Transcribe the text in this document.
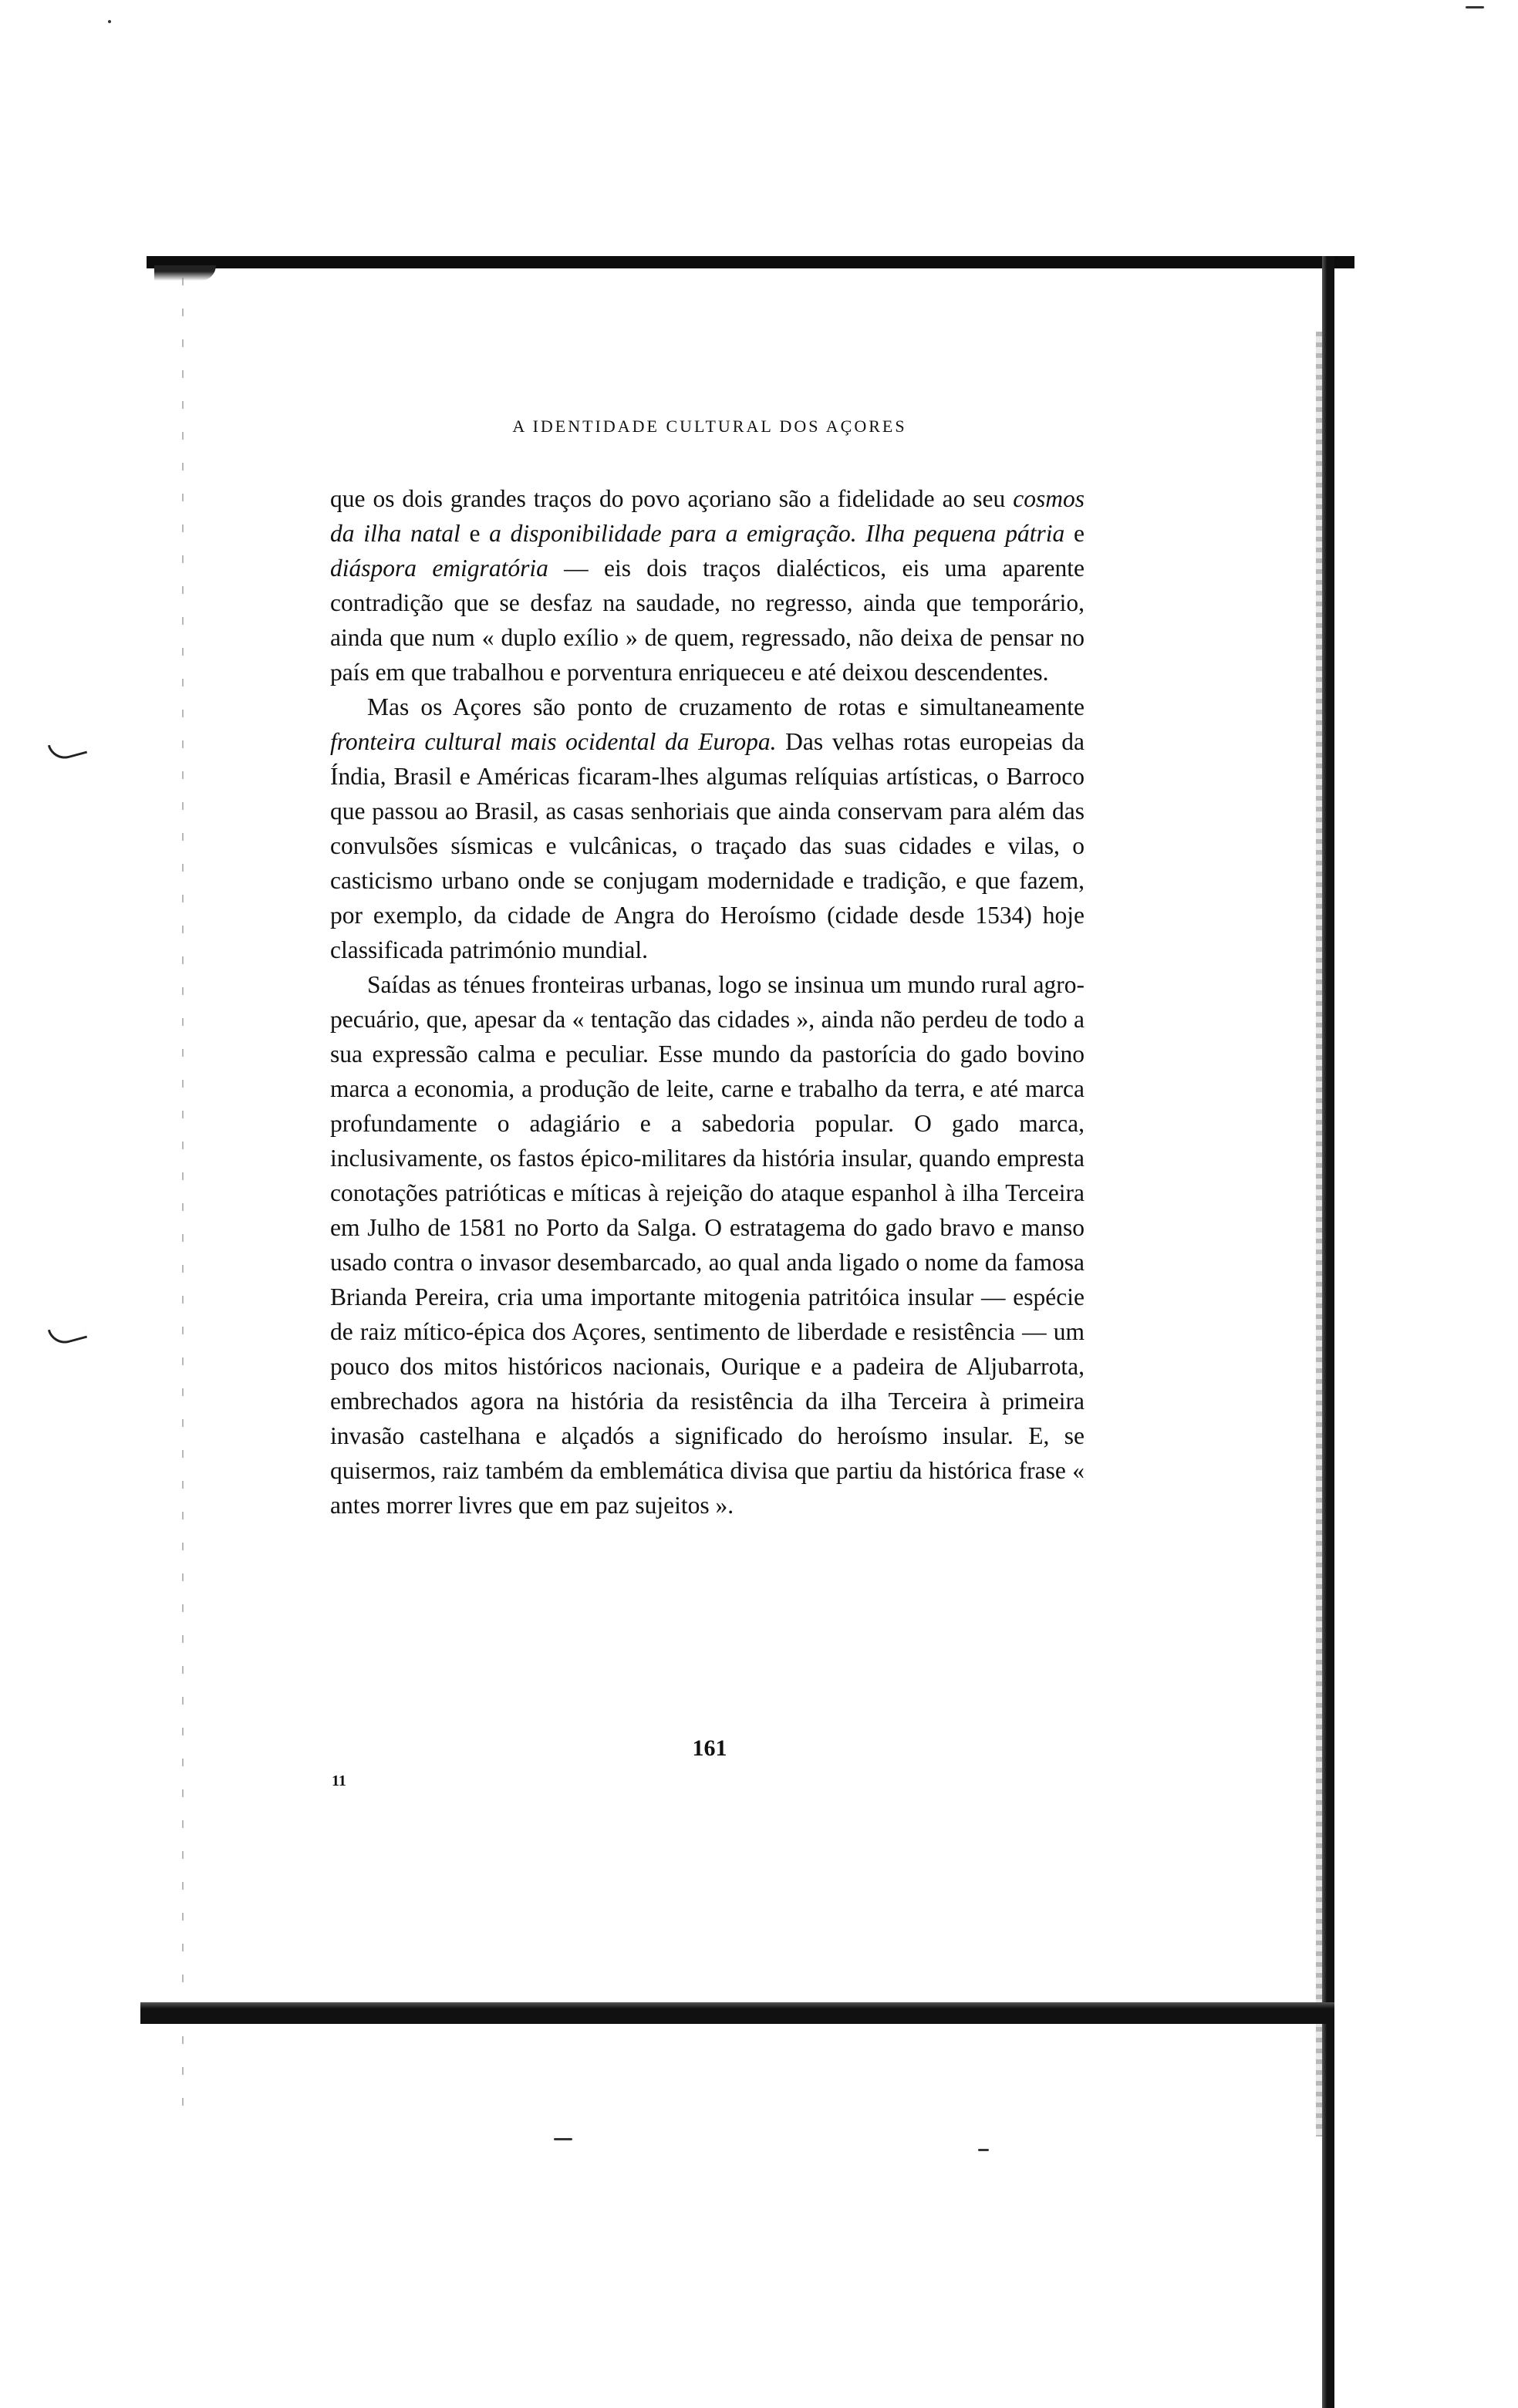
A IDENTIDADE CULTURAL DOS AÇORES

que os dois grandes traços do povo açoriano são a fidelidade ao seu cosmos da ilha natal e a disponibilidade para a emigração. Ilha pequena pátria e diáspora emigratória — eis dois traços dialécticos, eis uma aparente contradição que se desfaz na saudade, no regresso, ainda que temporário, ainda que num « duplo exílio » de quem, regressado, não deixa de pensar no país em que trabalhou e porventura enriqueceu e até deixou descendentes.

Mas os Açores são ponto de cruzamento de rotas e simultaneamente fronteira cultural mais ocidental da Europa. Das velhas rotas europeias da Índia, Brasil e Américas ficaram-lhes algumas relíquias artísticas, o Barroco que passou ao Brasil, as casas senhoriais que ainda conservam para além das convulsões sísmicas e vulcânicas, o traçado das suas cidades e vilas, o casticismo urbano onde se conjugam modernidade e tradição, e que fazem, por exemplo, da cidade de Angra do Heroísmo (cidade desde 1534) hoje classificada património mundial.

Saídas as ténues fronteiras urbanas, logo se insinua um mundo rural agro-pecuário, que, apesar da « tentação das cidades », ainda não perdeu de todo a sua expressão calma e peculiar. Esse mundo da pastorícia do gado bovino marca a economia, a produção de leite, carne e trabalho da terra, e até marca profundamente o adagiário e a sabedoria popular. O gado marca, inclusivamente, os fastos épico-militares da história insular, quando empresta conotações patrióticas e míticas à rejeição do ataque espanhol à ilha Terceira em Julho de 1581 no Porto da Salga. O estratagema do gado bravo e manso usado contra o invasor desembarcado, ao qual anda ligado o nome da famosa Brianda Pereira, cria uma importante mitogenia patritóica insular — espécie de raiz mítico-épica dos Açores, sentimento de liberdade e resistência — um pouco dos mitos históricos nacionais, Ourique e a padeira de Aljubarrota, embrechados agora na história da resistência da ilha Terceira à primeira invasão castelhana e alçadós a significado do heroísmo insular. E, se quisermos, raiz também da emblemática divisa que partiu da histórica frase « antes morrer livres que em paz sujeitos ».

161
11
